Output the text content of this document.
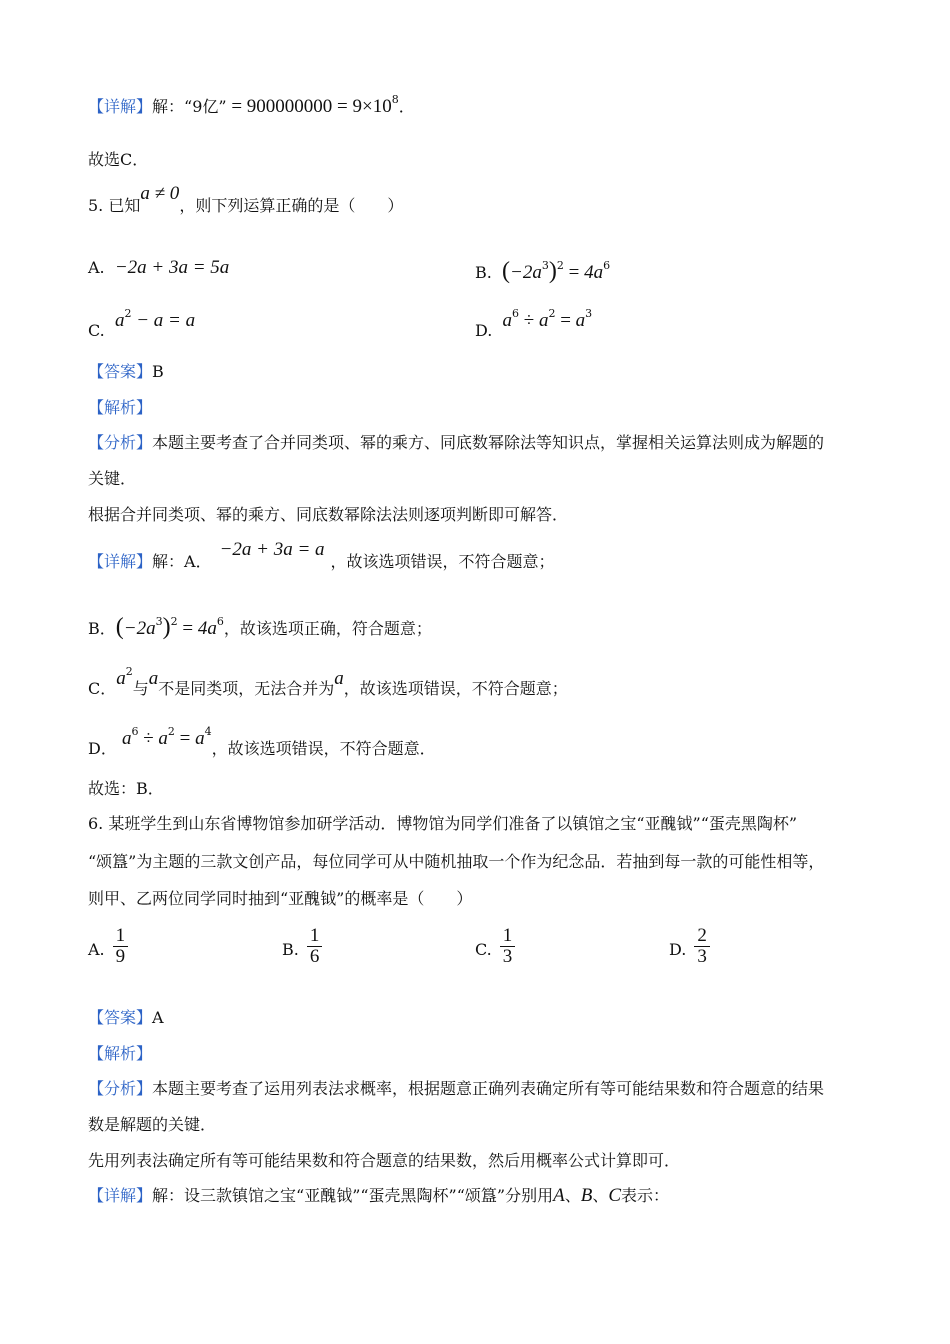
【详解】解：“9亿” = $900000000 = 9\times 10^8$．
故选C．
5. 已知a ≠ 0，则下列运算正确的是（　　）
A. −2a + 3a = 5a	B. $(-2a^3)^2 = 4a^6$
C. $a^2 - a = a$	D. $a^6 \div a^2 = a^3$
【答案】B
【解析】
【分析】本题主要考查了合并同类项、幂的乘方、同底数幂除法等知识点，掌握相关运算法则成为解题的
关键．
根据合并同类项、幂的乘方、同底数幂除法法则逐项判断即可解答．
【详解】解：A．−2a + 3a = a，故该选项错误，不符合题意；
B．$(-2a^3)^2 = 4a^6$，故该选项正确，符合题意；
C．$a^2$与a不是同类项，无法合并为a，故该选项错误，不符合题意；
D． $a^6 \div a^2 = a^4$，故该选项错误，不符合题意．
故选：B．
6. 某班学生到山东省博物馆参加研学活动．博物馆为同学们准备了以镇馆之宝“亚醜钺”“蛋壳黑陶杯”
“颂簋”为主题的三款文创产品，每位同学可从中随机抽取一个作为纪念品．若抽到每一款的可能性相等，
则甲、乙两位同学同时抽到“亚醜钺”的概率是（　　）
A. $\frac{1}{9}$	B. $\frac{1}{6}$	C. $\frac{1}{3}$	D. $\frac{2}{3}$
【答案】A
【解析】
【分析】本题主要考查了运用列表法求概率，根据题意正确列表确定所有等可能结果数和符合题意的结果
数是解题的关键．
先用列表法确定所有等可能结果数和符合题意的结果数，然后用概率公式计算即可．
【详解】解：设三款镇馆之宝“亚醜钺”“蛋壳黑陶杯”“颂簋”分别用A、B、C表示：
